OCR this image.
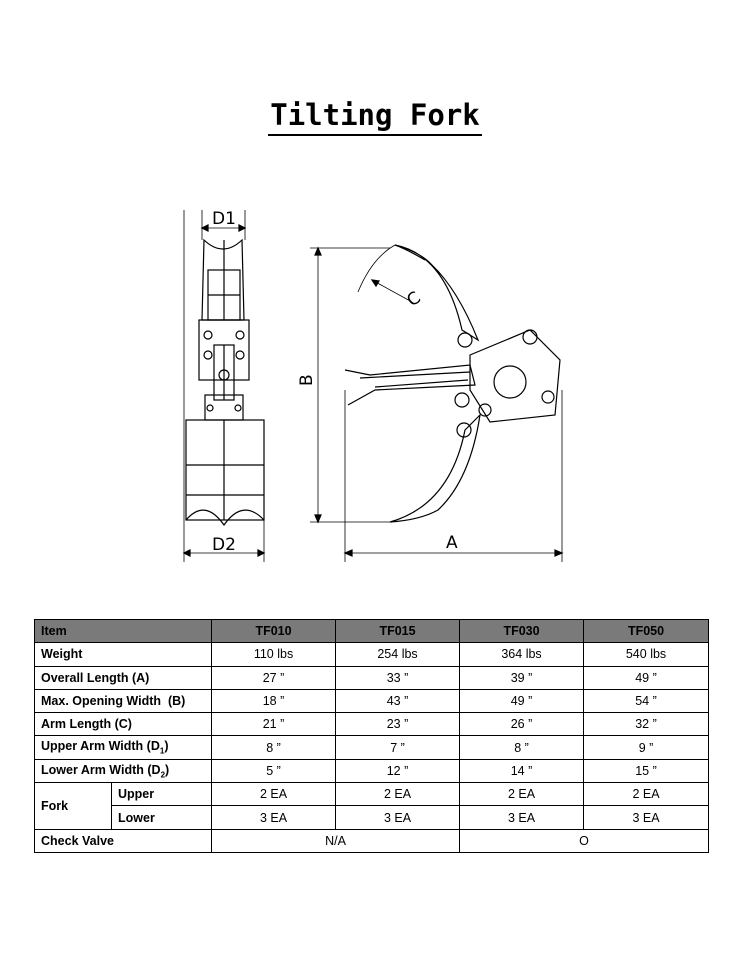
Tilting Fork
D1
D2	A
B
C
Item		TF010	TF015	TF030	TF050
Weight		110 lbs	254 lbs	364 lbs	540 lbs
Overall Length (A)		27 ”	33 ”	39 ”	49 ”
Max. Opening Width  (B)		18 ”	43 ”	49 ”	54 ”
Arm Length (C)		21 ”	23 ”	26 ”	32 ”
Upper Arm Width $(D_1)$		8 ”	7 ”	8 ”	9 ”
Lower Arm Width $(D_2)$		5 ”	12 ”	14 ”	15 ”
Fork	Upper	2 EA	2 EA	2 EA	2 EA
	Lower	3 EA	3 EA	3 EA	3 EA
Check Valve		N/A		O	
